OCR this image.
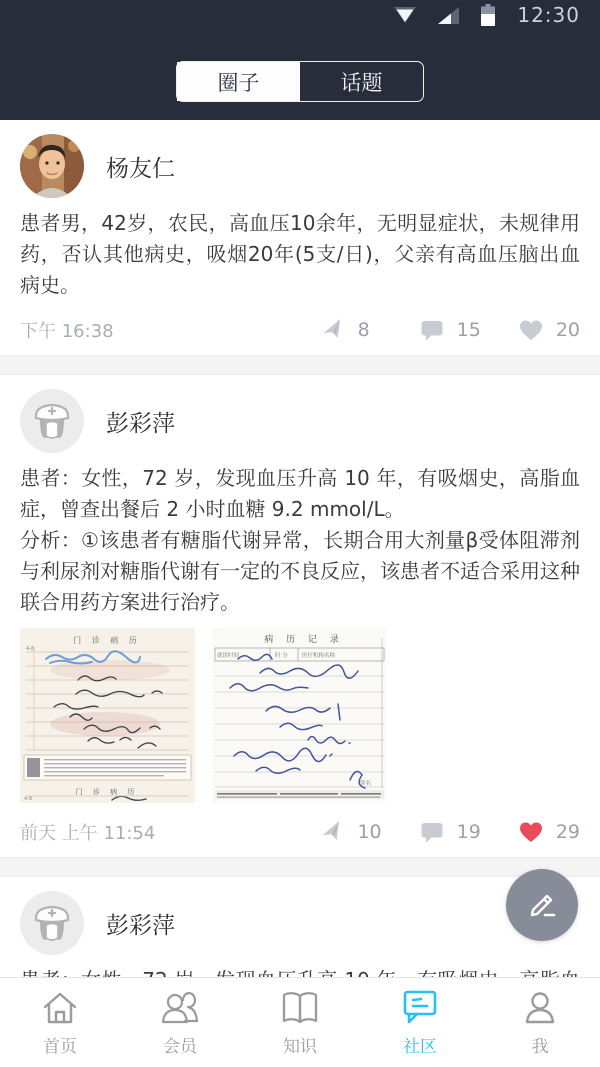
12:30
圈子	话题
杨友仁

患者男，42岁，农民，高血压10余年，无明显症状，未规律用药，否认其他病史，吸烟20年(5支/日)，父亲有高血压脑出血病史。

下午 16:38	8	15	20
彭彩萍

患者：女性，72 岁，发现血压升高 10 年，有吸烟史，高脂血症，曾查出餐后 2 小时血糖 9.2 mmol/L。

分析：①该患者有糖脂代谢异常，长期合用大剂量β受体阻滞剂与利尿剂对糖脂代谢有一定的不良反应，该患者不适合采用这种联合用药方案进行治疗。

门 诊 病 历
4-8
门 诊 病 历
4-8
病 历 记 录
就诊时间	时 分	医疗机构名称
签名
前天 上午 11:54	10	19	29
彭彩萍

首页	会员	知识	社区	我
